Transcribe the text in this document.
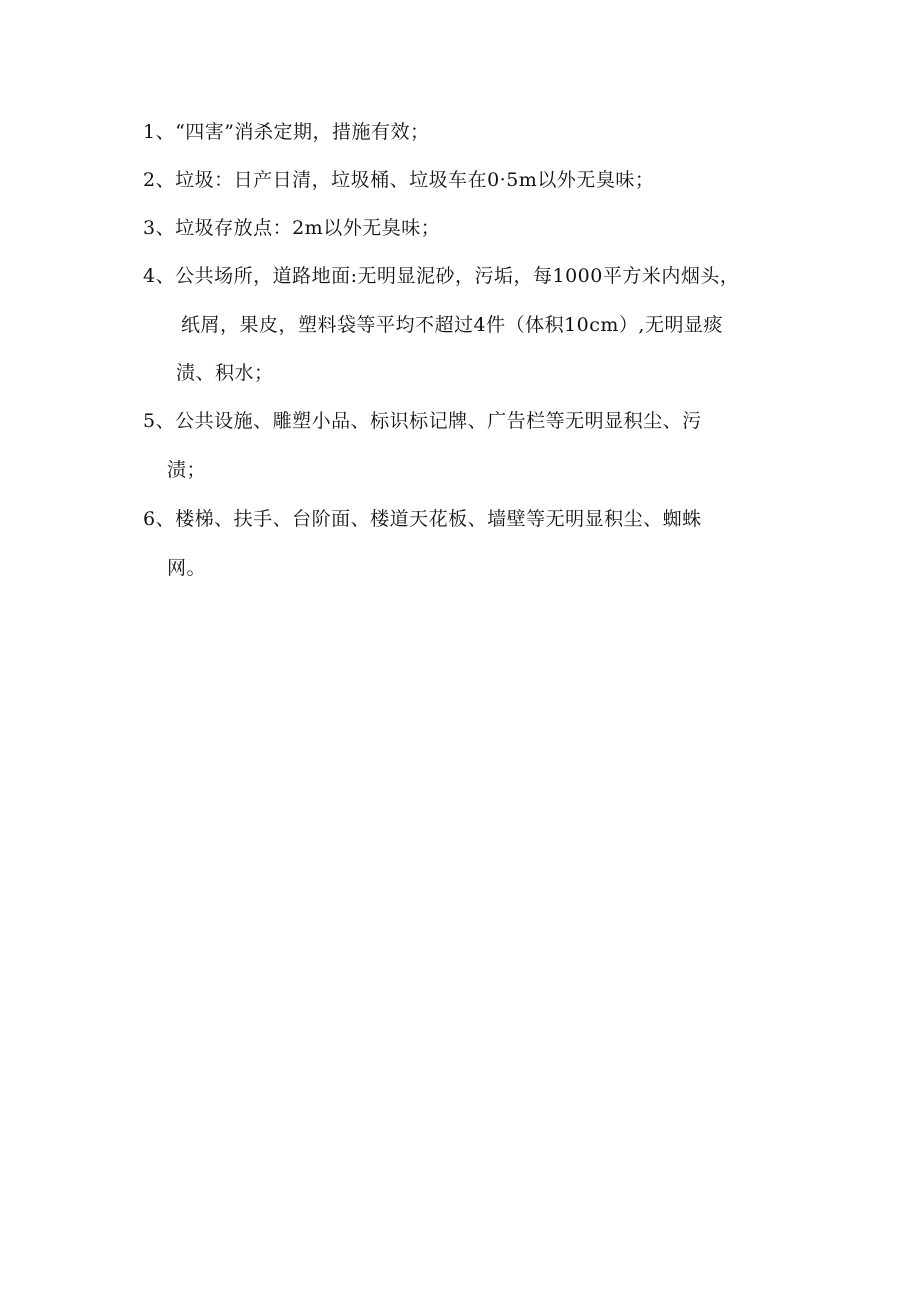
1、“四害”消杀定期，措施有效；
2、垃圾：日产日清，垃圾桶、垃圾车在0·5m以外无臭味；
3、垃圾存放点：2m以外无臭味；
4、公共场所，道路地面:无明显泥砂，污垢，每1000平方米内烟头，
纸屑，果皮，塑料袋等平均不超过4件（体积10cm）,无明显痰
渍、积水；
5、公共设施、雕塑小品、标识标记牌、广告栏等无明显积尘、污
渍；
6、楼梯、扶手、台阶面、楼道天花板、墙壁等无明显积尘、蜘蛛
网。
